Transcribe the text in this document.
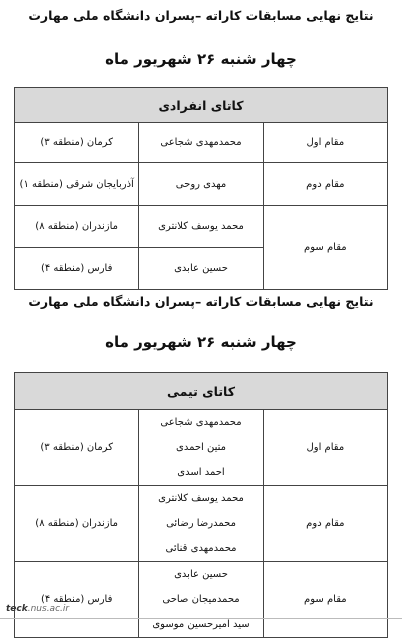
نتایج نهایی مسابقات کاراته –پسران دانشگاه ملی مهارت
چهار شنبه ۲۶ شهریور ماه
کاتای انفرادی		
مقام اول	محمدمهدی شجاعی	کرمان (منطقه ۳)
مقام دوم	مهدی روحی	آذربایجان شرقی (منطقه ۱)
مقام سوم	محمد یوسف کلانتری	مازندران (منطقه ۸)
	حسین عابدی	فارس (منطقه ۴)
نتایج نهایی مسابقات کاراته –پسران دانشگاه ملی مهارت
چهار شنبه ۲۶ شهریور ماه
کاتای تیمی		
مقام اول	محمدمهدی شجاعی
متین احمدی
احمد اسدی	کرمان (منطقه ۳)
مقام دوم	محمد یوسف کلانتری
محمدرضا رضائی
محمدمهدی قنائی	مازندران (منطقه ۸)
مقام سوم	حسین عابدی
محمدمیجان صاحی
سید امیرحسین موسوی	فارس (منطقه ۴)
teck.nus.ac.ir
